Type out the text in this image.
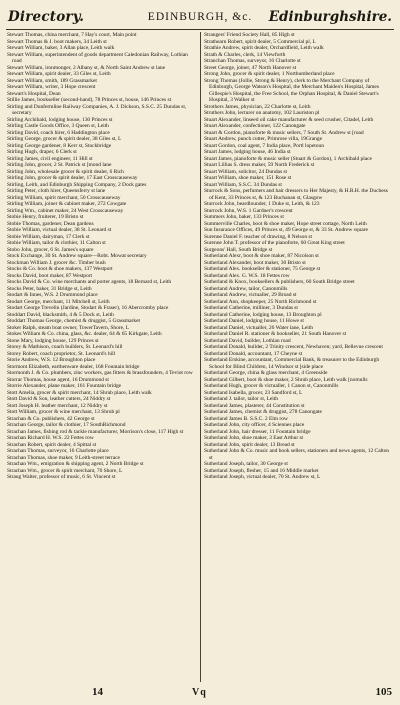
Directory.	EDINBURGH, &c.	Edinburghshire.

Stewart Thomas, china merchant, 7 Hay's court, Main point

Stewart Thomas & J. boot makers, 34 Leith st

Stewart William, baker, 3 Allan place, Leith walk

Stewart William, superintendent of goods department Caledonian Railway, Lothian road

Stewart William, ironmonger, 2 Albany st, & North Saint Andrew st lane

Stewart William, spirit dealer, 33 Giles st, Leith

Stewart William, smith, 189 Grassmarket

Stewart William, writer, 3 Hope crescent

Stewart's Hospital, Dean

Stillie James, bookseller (second-hand), 78 Princes st, house, 146 Princes st

Stirling and Dunfermline Railway Companies, A. J. Dickson, S.S.C. 25 Dundas st, secretary

Stirling Archibald, lodging house, 130 Princes st

Stirling Castle Goods Office, 3 Queen st, Leith

Stirling David, coach hirer, 6 Haddington place

Stirling George, grocer & spirit dealer, 38 Giles st, L

Stirling George gardener, 8 Kerr st, Stockbridge

Stirling Hugh, draper, 6 Clerk st

Stirling James, civil engineer, 11 Hill st

Stirling John, grocer, 2 St. Patrick st [mond lane

Stirling John, wholesale grocer & spirit dealer, 6 Rich

Stirling John, grocer & spirit dealer, 17 East Crosscauseway

Stirling, Leith, and Edinburgh Shipping Company, 2 Dock gates

Stirling Peter, cloth hirer, Queensferry st lane

Stirling William, spirit merchant, 50 Crosscauseway

Stirling William, joiner & cabinet maker, 272 Cowgate

Stirling Wm., cabinet maker, 24 West Crosscauseway

Stobie Henry, fruiterer, 19 Bristo st

Stobie Thomas, gardener, Dean gardens

Stobie William, victual dealer, 38 St. Leonard st

Stobie William, dairyman, 17 Clerk st

Stobie William, tailor & clothier, 11 Calton st

Stobo John, grocer, 6 St. James's square

Stock Exchange, 30 St. Andrew square—Robt. Mowat secretary

Stockman William J. grocer &c. Timber bush

Stocks & Co. boot & shoe makers, 137 Westport

Stocks David, boot maker, 87 Westport

Stocks David & Co. wine merchants and porter agents, 18 Bernard st, Leith

Stocks Peter, baker, 31 Bridge st, Leith

Stodart & Innes, W.S. 2 Drummond place

Stodart George, merchant, 11 Mitchell st, Leith

Stodart George Trevelin (Jardine, Stodart & Fraser), 16 Abercromby place

Stoddart David, blacksmith, 4 & 5 Dock st, Leith

Stoddart Thomas George, chemist & druggist, 5 Grassmarket

Stoker Ralph, steam boat owner, TowerTavern, Shore, L

Stokes William & Co. china, glass, &c. dealer, 64 & 65 Kirkgate, Leith

Stone Mary, lodging house, 129 Princes st

Storey & Mathison, coach builders, St. Leonard's hill

Storey Robert, coach proprietor, St. Leonard's hill

Storie Andrew, W.S. 12 Broughton place

Stormont Elizabeth, earthenware dealer, 168 Fountain bridge

Stormonth J. & Co. plumbers, zinc workers, gas fitters & brassfounders, 4 Teviot row

Storrar Thomas, house agent, 16 Drummond st

Storrie Alexander, plane maker, 161 Fountain bridge

Stott Amelia, grocer & spirit merchant, 14 Shrub place, Leith walk

Stott David & Son, leather cutters, 24 Niddry st

Stott Joseph H. leather merchant, 12 Niddry st

Stott William, grocer & wine merchant, 13 Shrub pl

Strachan & Co. publishers, 42 George st

Strachan George, tailor & clothier, 17 SouthRichmond

Strachan James, fishing rod & tackle manufacturer, Morrison's close, 117 High st

Strachan Richard H. W.S. 22 Fettes row

Strachan Robert, spirit dealer, 4 Spittal st

Strachan Thomas, surveyor, 16 Charlotte place

Strachan Thomas, shoe maker, 9 Leith-street terrace

Strachan Wm., emigration & shipping agent, 2 North Bridge st

Strachan Wm., grocer & spirit merchant, 70 Shore, L

Straug Walter, professor of music, 6 St. Vincent st

Strangers' Friend Society Hall, 85 High st

Strathearn Robert, spirit dealer, 5 Commercial pl, L

Strathie Andrew, spirit dealer, Orchardfield, Leith walk

Strath & Charles, clerk, 14 Viewforth

Stranchan Thomas, surveyor, 16 Charlotte st

Street George, joiner, 47 North Hanover st

Strong John, grocer & spirit dealer, 1 Northumberland place

Strong Thomas (Jollie, Strong & Henry), clerk to the Merchant Company of Edinburgh, George Watson's Hospital, the Merchant Maiden's Hospital, James Gillespie's Hospital, the Free School, the Orphan Hospital, & Daniel Stewart's Hospital, 3 Walker st

Strothers James, physician, 22 Charlotte st, Leith

Struthers John, lecturer on anatomy, 102 Lauriston pl

Stuart Alexander, linseed oil cake manufacturer & seed crusher, Citadel, Leith

Stuart Alexander, confectioner, 122 Canongate

Stuart & Gordon, pianoforte & music sellers, 7 South St. Andrew st [road

Stuart Andrew, punch cutter, Primrose villa, 19Grange

Stuart Gordon, coal agent, 7 India place, Portl lopetoun

Stuart James, lodging house, 46 India st

Stuart James, pianoforte & music seller (Stuart & Gordon), 1 Archibald place

Stuart Lillias S. dress maker, 59 North Frederick st

Stuart William, solicitor, 24 Dundas st

Stuart William, shoe maker, 151 Rose st

Stuart William, S.S.C. 34 Dundas st

Sturrock & Sons, perfumers and hair dressers to Her Majesty, & H.R.H. the Duchess of Kent, 33 Princes st, & 123 Buchanan st, Glasgow

Sturrock John, beardlounder, 1 Duke st, Leith, & 123

Sturrock John, W.S. 1 Gardner's crescent

Summers John, baker, 133 Princes st

Summerville Charles, boot & shoe maker, Hope street cottage, North Leith

Sun Insurance Offices, 49 Princes st, 49 George st, & 33 St. Andrew square

Surenne Daniel F. teacher of drawing, 8 Nelson st

Surenne John T. professor of the pianoforte, 60 Great King street

Surgeons' Hall, South Bridge st

Sutherland Alexr, boot & shoe maker, 87 Nicolson st

Sutherland Alexander, boot maker, 30 Bristo st

Sutherland Alex. bookseller & stationer, 75 George st

Sutherland Alex. G. W.S. 18 Fettes row

Sutherland & Knox, booksellers & publishers, 60 South Bridge street

Sutherland Andrew, tailor, Canonmills

Sutherland Andrew, victualler, 29 Broad st

Sutherland Ann, shopkeeper, 25 North Richmond st

Sutherland Catherine, milliner, 3 Dundas st

Sutherland Catherine, lodging house, 13 Broughton pl

Sutherland Daniel, lodging house, 11 Howe st

Sutherland Daniel, victualler, 26 Water lane, Leith

Sutherland Daniel R. stationer & bookseller, 21 South Hanover st

Sutherland David, builder, Lothian road

Sutherland Donald, builder, 2 Trinity crescent, Newhaven; yard, Bellevue crescent

Sutherland Donald, accountant, 17 Cheyne st

Sutherland Erskine, accountant, Commercial Bank, & treasurer to the Edinburgh School for Blind Children, 14 Windsor st [side place

Sutherland George, china & glass merchant, 4 Greenside

Sutherland Gilbert, boot & shoe maker, 2 Shrub place, Leith walk [nomulls

Sutherland Hugh, grocer & victualler, 1 Canon st, Canonmills

Sutherland Isabella, grocer, 23 Sandford st, L

Sutherland J. tailor, tailor st, Leith

Sutherland James, plasterer, 44 Constitution st

Sutherland James, chemist & druggist, 278 Canongate

Sutherland James B. S.S.C. 2 Elm row

Sutherland John, city officer, 4 Sciennes place

Sutherland John, hair dresser, 11 Fountain bridge

Sutherland John, shoe maker, 3 East Arthur st

Sutherland John, spirit dealer, 13 Bread st

Sutherland John & Co. music and book sellers, stationers and news agents, 12 Calton st

Sutherland Joseph, tailor, 30 George st

Sutherland Joseph, flesher, 15 and 16 Middle market

Sutherland Joseph, victual dealer, 70 St. Andrew st, L

14	Vq	105
